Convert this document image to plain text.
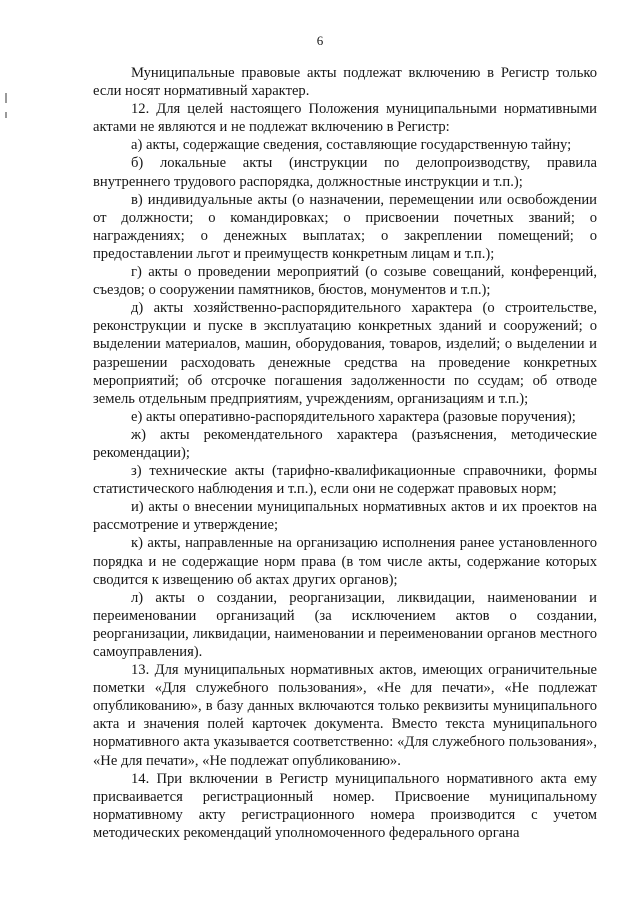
6

Муниципальные правовые акты подлежат включению в Регистр только если носят нормативный характер.

12. Для целей настоящего Положения муниципальными нормативными актами не являются и не подлежат включению в Регистр:

а) акты, содержащие сведения, составляющие государственную тайну;

б) локальные акты (инструкции по делопроизводству, правила внутреннего трудового распорядка, должностные инструкции и т.п.);

в) индивидуальные акты (о назначении, перемещении или освобождении от должности; о командировках; о присвоении почетных званий; о награждениях; о денежных выплатах; о закреплении помещений; о предоставлении льгот и преимуществ конкретным лицам и т.п.);

г) акты о проведении мероприятий (о созыве совещаний, конференций, съездов; о сооружении памятников, бюстов, монументов и т.п.);

д) акты хозяйственно-распорядительного характера (о строительстве, реконструкции и пуске в эксплуатацию конкретных зданий и сооружений; о выделении материалов, машин, оборудования, товаров, изделий; о выделении и разрешении расходовать денежные средства на проведение конкретных мероприятий; об отсрочке погашения задолженности по ссудам; об отводе земель отдельным предприятиям, учреждениям, организациям и т.п.);

е) акты оперативно-распорядительного характера (разовые поручения);

ж) акты рекомендательного характера (разъяснения, методические рекомендации);

з) технические акты (тарифно-квалификационные справочники, формы статистического наблюдения и т.п.), если они не содержат правовых норм;

и) акты о внесении муниципальных нормативных актов и их проектов на рассмотрение и утверждение;

к) акты, направленные на организацию исполнения ранее установленного порядка и не содержащие норм права (в том числе акты, содержание которых сводится к извещению об актах других органов);

л) акты о создании, реорганизации, ликвидации, наименовании и переименовании организаций (за исключением актов о создании, реорганизации, ликвидации, наименовании и переименовании органов местного самоуправления).

13. Для муниципальных нормативных актов, имеющих ограничительные пометки «Для служебного пользования», «Не для печати», «Не подлежат опубликованию», в базу данных включаются только реквизиты муниципального акта и значения полей карточек документа. Вместо текста муниципального нормативного акта указывается соответственно: «Для служебного пользования», «Не для печати», «Не подлежат опубликованию».

14. При включении в Регистр муниципального нормативного акта ему присваивается регистрационный номер. Присвоение муниципальному нормативному акту регистрационного номера производится с учетом методических рекомендаций уполномоченного федерального органа
